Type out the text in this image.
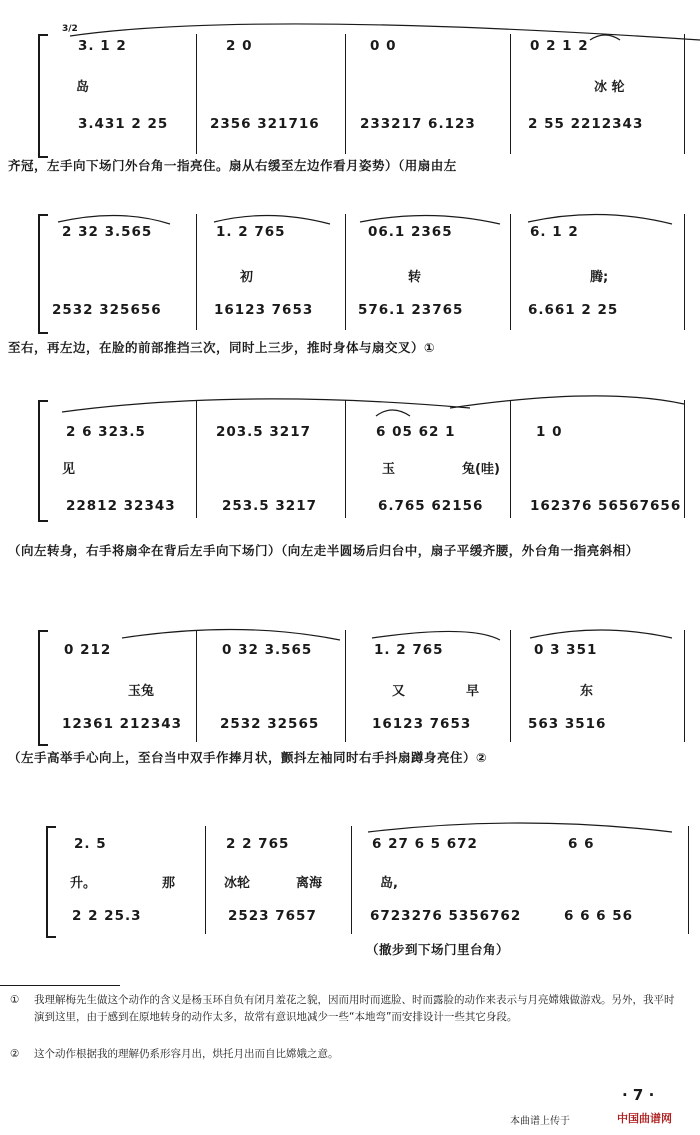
3/2
3. 1 2	2 0	0 0	0 2 1 2
岛	冰 轮
3.431 2 25	2356 321716	233217 6.123	2 55 2212343
齐冠，左手向下场门外台角一指亮住。扇从右缓至左边作看月姿势）（用扇由左
2 32 3.565	1. 2 765	06.1 2365	6. 1 2
初	转	腾;
2532 325656	16123 7653	576.1 23765	6.661 2 25
至右，再左边，在脸的前部推挡三次，同时上三步，推时身体与扇交叉）①
2 6 323.5	203.5 3217	6 05 62 1	1 0
见	玉	兔(哇)
22812 32343	253.5 3217	6.765 62156	162376 56567656
（向左转身，右手将扇伞在背后左手向下场门）（向左走半圆场后归台中，扇子平缓齐腰，外台角一指亮斜相）
0 212	0 32 3.565	1. 2 765	0 3 351
玉兔	又	早	东
12361 212343	2532 32565	16123 7653	563 3516
（左手高举手心向上，至台当中双手作捧月状，颤抖左袖同时右手抖扇蹲身亮住）②
2. 5	2 2 765	6 27 6 5 672	6 6
升。	那	冰轮	离海	岛,
2 2 25.3	2523 7657	6723276 5356762	6 6 6 56
（撤步到下场门里台角）
① 我理解梅先生做这个动作的含义是杨玉环自负有闭月羞花之貌，因而用时而遮脸、时而露脸的动作来表示与月亮嫦娥做游戏。另外，我平时演到这里，由于感到在原地转身的动作太多，故常有意识地减少一些“本地弯”而安排设计一些其它身段。
② 这个动作根据我的理解仍系形容月出，烘托月出而自比嫦娥之意。
· 7 ·
本曲谱上传于	中国曲谱网
